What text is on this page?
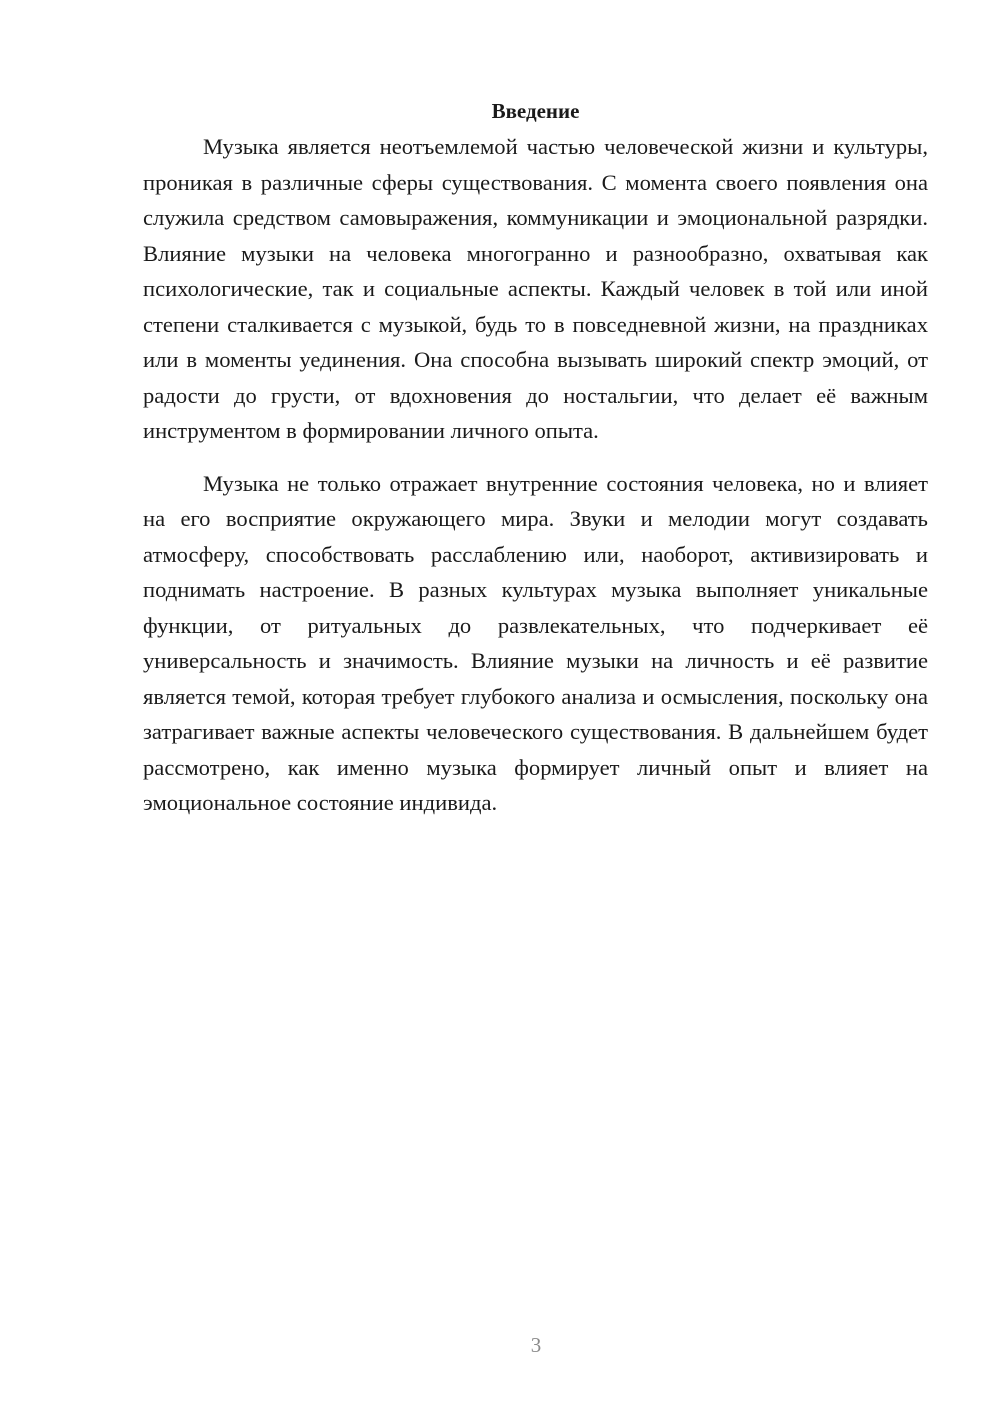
Введение

Музыка является неотъемлемой частью человеческой жизни и культуры, проникая в различные сферы существования. С момента своего появления она служила средством самовыражения, коммуникации и эмоциональной разрядки. Влияние музыки на человека многогранно и разнообразно, охватывая как психологические, так и социальные аспекты. Каждый человек в той или иной степени сталкивается с музыкой, будь то в повседневной жизни, на праздниках или в моменты уединения. Она способна вызывать широкий спектр эмоций, от радости до грусти, от вдохновения до ностальгии, что делает её важным инструментом в формировании личного опыта.

Музыка не только отражает внутренние состояния человека, но и влияет на его восприятие окружающего мира. Звуки и мелодии могут создавать атмосферу, способствовать расслаблению или, наоборот, активизировать и поднимать настроение. В разных культурах музыка выполняет уникальные функции, от ритуальных до развлекательных, что подчеркивает её универсальность и значимость. Влияние музыки на личность и её развитие является темой, которая требует глубокого анализа и осмысления, поскольку она затрагивает важные аспекты человеческого существования. В дальнейшем будет рассмотрено, как именно музыка формирует личный опыт и влияет на эмоциональное состояние индивида.

3
